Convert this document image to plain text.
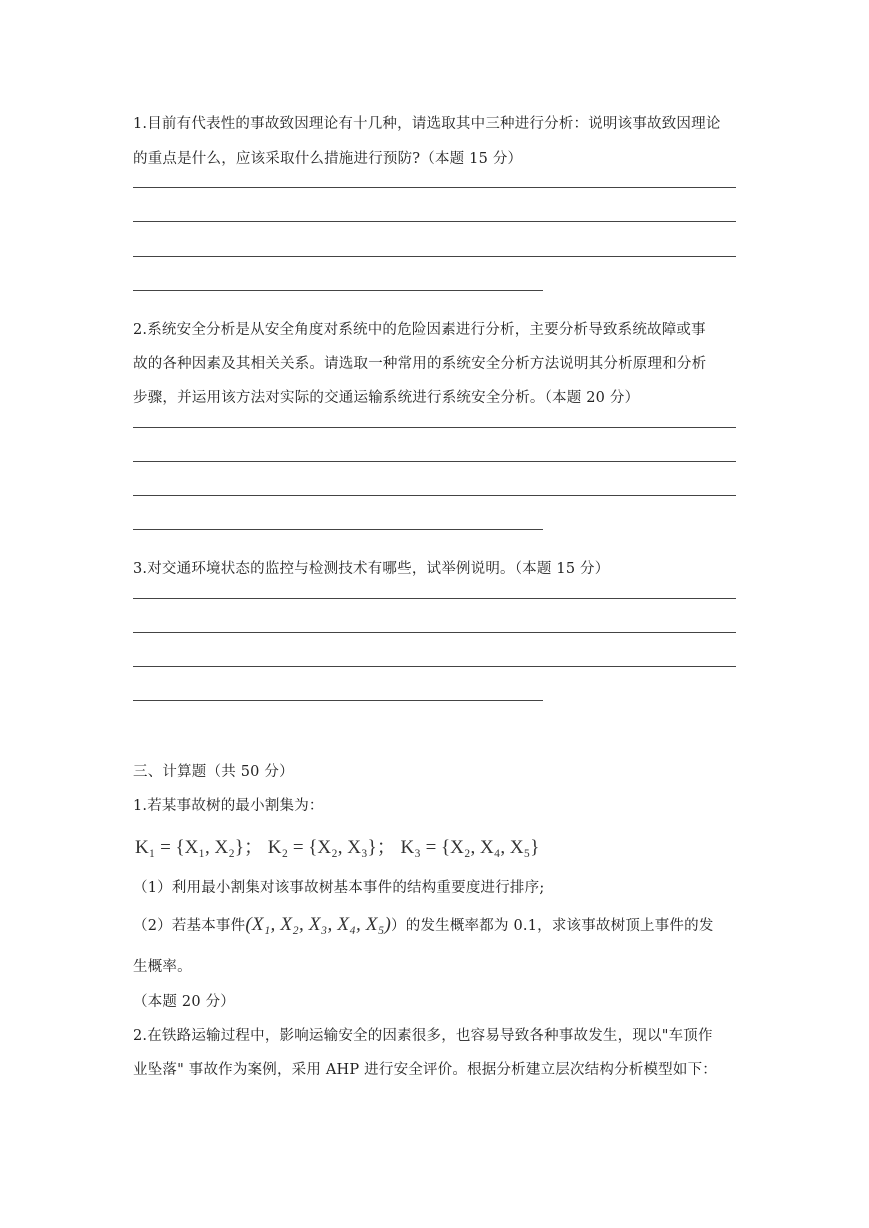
1.目前有代表性的事故致因理论有十几种，请选取其中三种进行分析：说明该事故致因理论
的重点是什么，应该采取什么措施进行预防?（本题 15 分）
2.系统安全分析是从安全角度对系统中的危险因素进行分析，主要分析导致系统故障或事
故的各种因素及其相关关系。请选取一种常用的系统安全分析方法说明其分析原理和分析
步骤，并运用该方法对实际的交通运输系统进行系统安全分析。（本题 20 分）
3.对交通环境状态的监控与检测技术有哪些，试举例说明。（本题 15 分）
三、计算题（共 50 分）
1.若某事故树的最小割集为：
K₁ = {X₁, X₂}； K₂ = {X₂, X₃}； K₃ = {X₂, X₄, X₅}
（1）利用最小割集对该事故树基本事件的结构重要度进行排序;
（2）若基本事件(X₁, X₂, X₃, X₄, X₅)）的发生概率都为 0.1，求该事故树顶上事件的发
生概率。
（本题 20 分）
2.在铁路运输过程中，影响运输安全的因素很多，也容易导致各种事故发生，现以"车顶作
业坠落" 事故作为案例，采用 AHP 进行安全评价。根据分析建立层次结构分析模型如下：
